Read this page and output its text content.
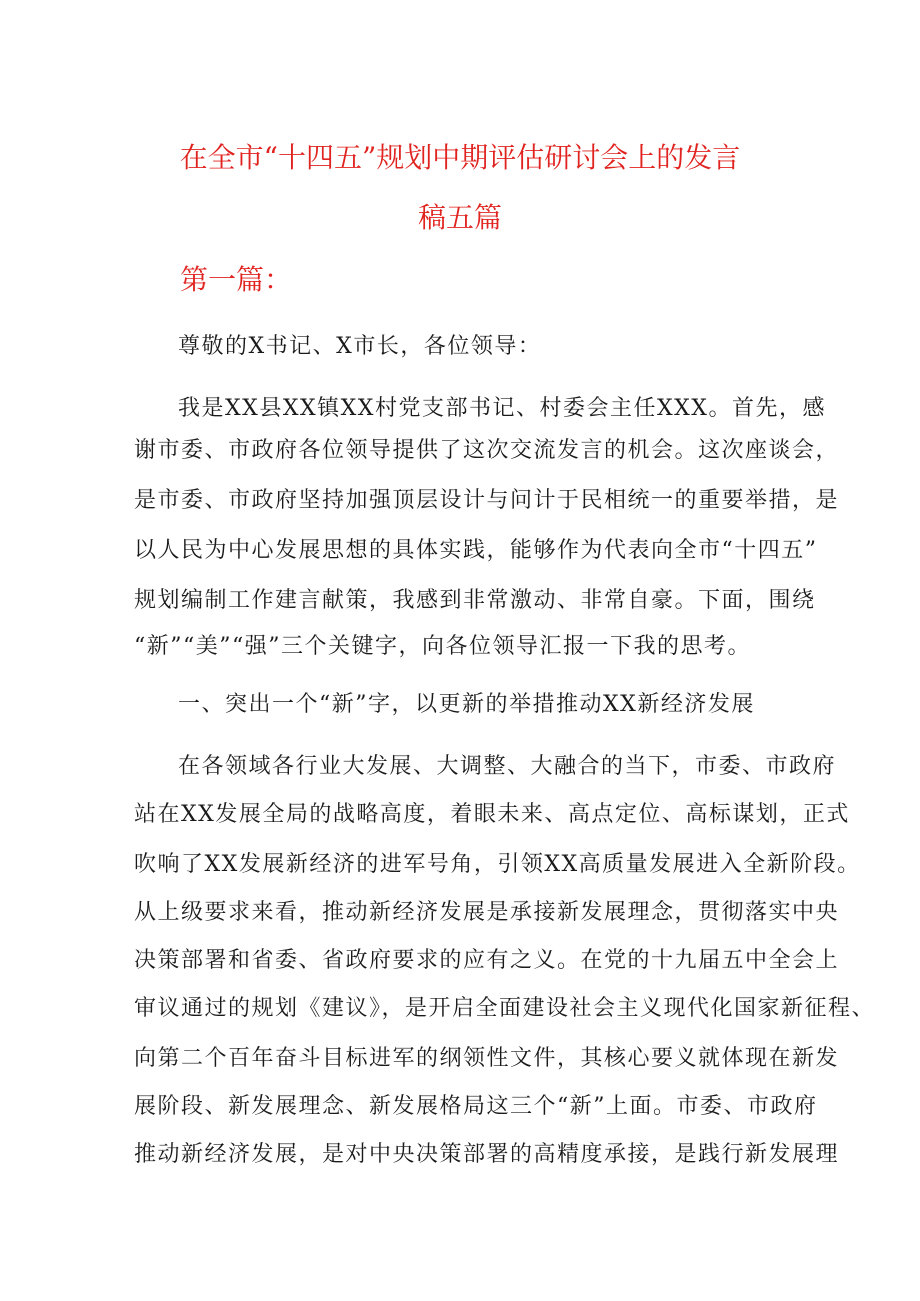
在全市“十四五”规划中期评估研讨会上的发言
稿五篇
第一篇：
尊敬的X书记、X市长，各位领导：
我是XX县XX镇XX村党支部书记、村委会主任XXX。首先，感
谢市委、市政府各位领导提供了这次交流发言的机会。这次座谈会，
是市委、市政府坚持加强顶层设计与问计于民相统一的重要举措，是
以人民为中心发展思想的具体实践，能够作为代表向全市“十四五”
规划编制工作建言献策，我感到非常激动、非常自豪。下面，围绕
“新”“美”“强”三个关键字，向各位领导汇报一下我的思考。
一、突出一个“新”字，以更新的举措推动XX新经济发展
在各领域各行业大发展、大调整、大融合的当下，市委、市政府
站在XX发展全局的战略高度，着眼未来、高点定位、高标谋划，正式
吹响了XX发展新经济的进军号角，引领XX高质量发展进入全新阶段。
从上级要求来看，推动新经济发展是承接新发展理念，贯彻落实中央
决策部署和省委、省政府要求的应有之义。在党的十九届五中全会上
审议通过的规划《建议》，是开启全面建设社会主义现代化国家新征程、
向第二个百年奋斗目标进军的纲领性文件，其核心要义就体现在新发
展阶段、新发展理念、新发展格局这三个“新”上面。市委、市政府
推动新经济发展，是对中央决策部署的高精度承接，是践行新发展理
